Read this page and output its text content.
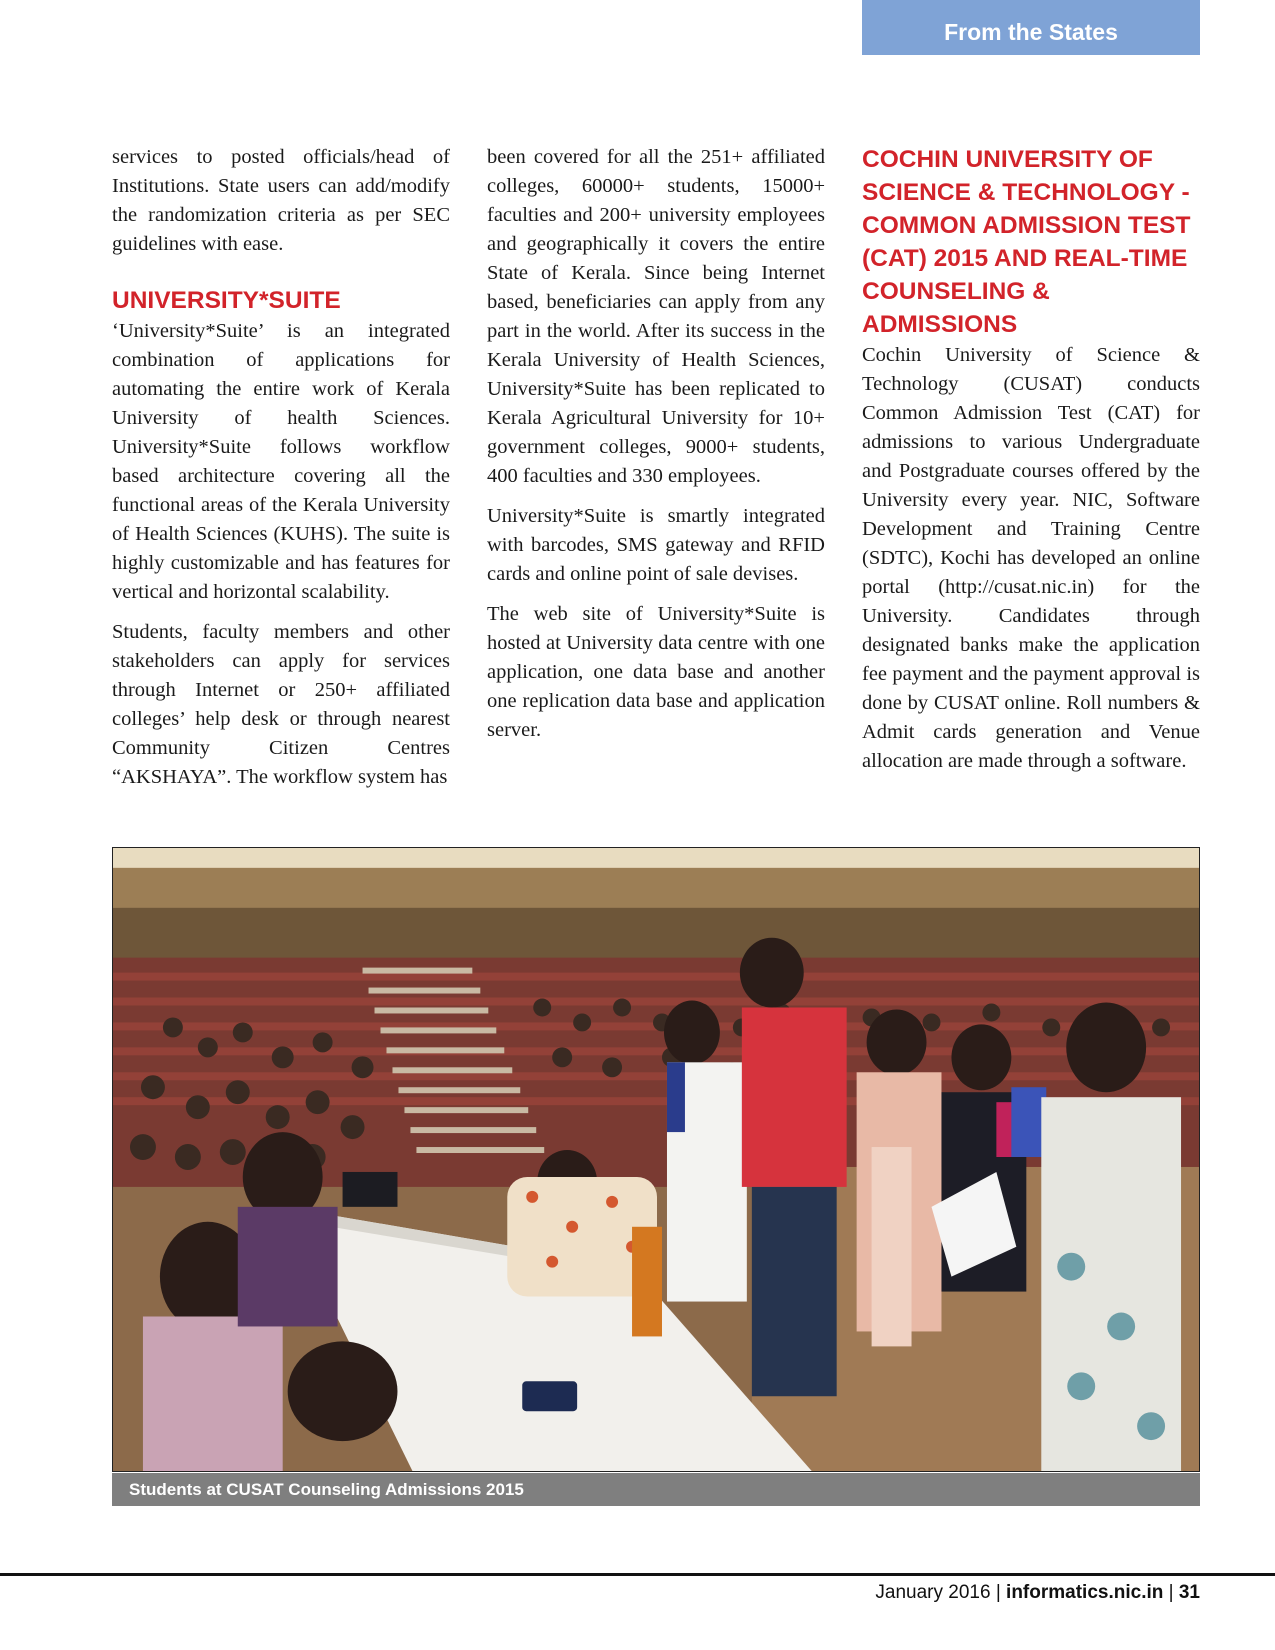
From the States

services to posted officials/head of Institutions. State users can add/modify the randomization criteria as per SEC guidelines with ease.

UNIVERSITY*SUITE

‘University*Suite’ is an integrated combination of applications for automating the entire work of Kerala University of health Sciences. University*Suite follows workflow based architecture covering all the functional areas of the Kerala University of Health Sciences (KUHS). The suite is highly customizable and has features for vertical and horizontal scalability.

Students, faculty members and other stakeholders can apply for services through Internet or 250+ affiliated colleges’ help desk or through nearest Community Citizen Centres “AKSHAYA”. The workflow system has

been covered for all the 251+ affiliated colleges, 60000+ students, 15000+ faculties and 200+ university employees and geographically it covers the entire State of Kerala. Since being Internet based, beneficiaries can apply from any part in the world. After its success in the Kerala University of Health Sciences, University*Suite has been replicated to Kerala Agricultural University for 10+ government colleges, 9000+ students, 400 faculties and 330 employees.

University*Suite is smartly integrated with barcodes, SMS gateway and RFID cards and online point of sale devises.

The web site of University*Suite is hosted at University data centre with one application, one data base and another one replication data base and application server.

COCHIN UNIVERSITY OF SCIENCE & TECHNOLOGY - COMMON ADMISSION TEST (CAT) 2015 AND REAL-TIME COUNSELING & ADMISSIONS

Cochin University of Science & Technology (CUSAT) conducts Common Admission Test (CAT) for admissions to various Undergraduate and Postgraduate courses offered by the University every year. NIC, Software Development and Training Centre (SDTC), Kochi has developed an online portal (http://cusat.nic.in) for the University. Candidates through designated banks make the application fee payment and the payment approval is done by CUSAT online. Roll numbers & Admit cards generation and Venue allocation are made through a software.

Students at CUSAT Counseling Admissions 2015
January 2016 | informatics.nic.in | 31
